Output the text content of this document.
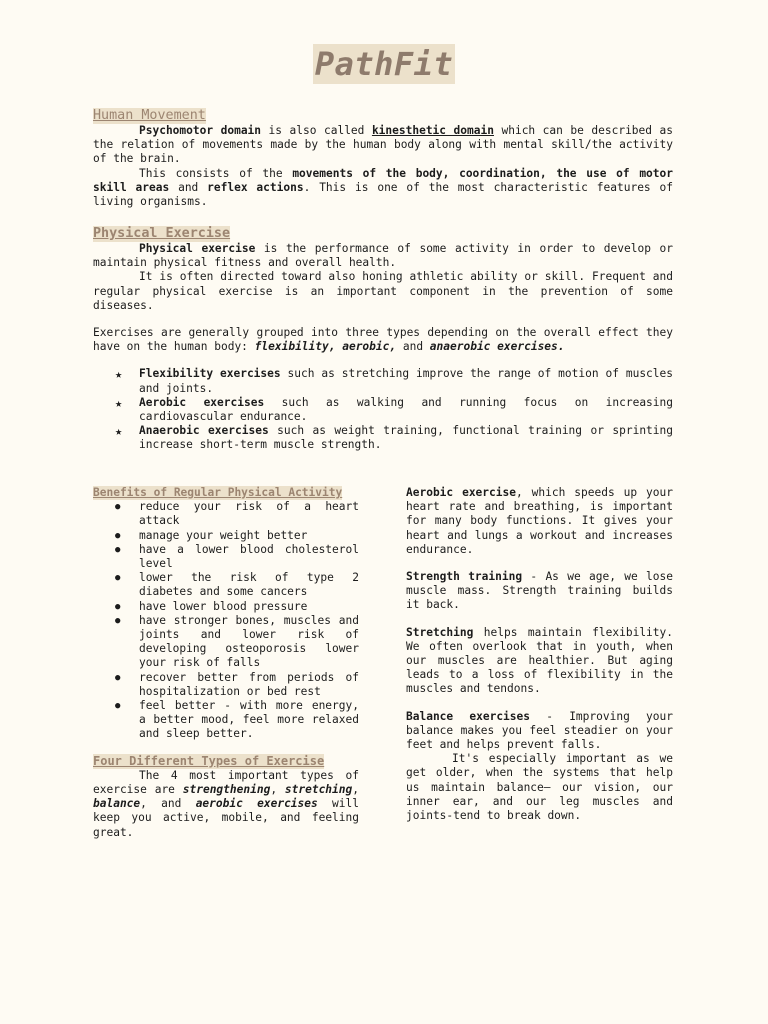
PathFit
Human Movement

Psychomotor domain is also called kinesthetic domain which can be described as the relation of movements made by the human body along with mental skill/the activity of the brain.

This consists of the movements of the body, coordination, the use of motor skill areas and reflex actions. This is one of the most characteristic features of living organisms.

Physical Exercise

Physical exercise is the performance of some activity in order to develop or maintain physical fitness and overall health.

It is often directed toward also honing athletic ability or skill. Frequent and regular physical exercise is an important component in the prevention of some diseases.

Exercises are generally grouped into three types depending on the overall effect they have on the human body: flexibility, aerobic, and anaerobic exercises.

★ Flexibility exercises such as stretching improve the range of motion of muscles and joints.
★ Aerobic exercises such as walking and running focus on increasing cardiovascular endurance.
★ Anaerobic exercises such as weight training, functional training or sprinting increase short-term muscle strength.
Benefits of Regular Physical Activity
● reduce your risk of a heart attack
● manage your weight better
● have a lower blood cholesterol level
● lower the risk of type 2 diabetes and some cancers
● have lower blood pressure
● have stronger bones, muscles and joints and lower risk of developing osteoporosis lower your risk of falls
● recover better from periods of hospitalization or bed rest
● feel better - with more energy, a better mood, feel more relaxed and sleep better.
Four Different Types of Exercise

The 4 most important types of exercise are strengthening, stretching, balance, and aerobic exercises will keep you active, mobile, and feeling great.

Aerobic exercise, which speeds up your heart rate and breathing, is important for many body functions. It gives your heart and lungs a workout and increases endurance.

Strength training - As we age, we lose muscle mass. Strength training builds it back.

Stretching helps maintain flexibility. We often overlook that in youth, when our muscles are healthier. But aging leads to a loss of flexibility in the muscles and tendons.

Balance exercises - Improving your balance makes you feel steadier on your feet and helps prevent falls.

It's especially important as we get older, when the systems that help us maintain balance— our vision, our inner ear, and our leg muscles and joints-tend to break down.
